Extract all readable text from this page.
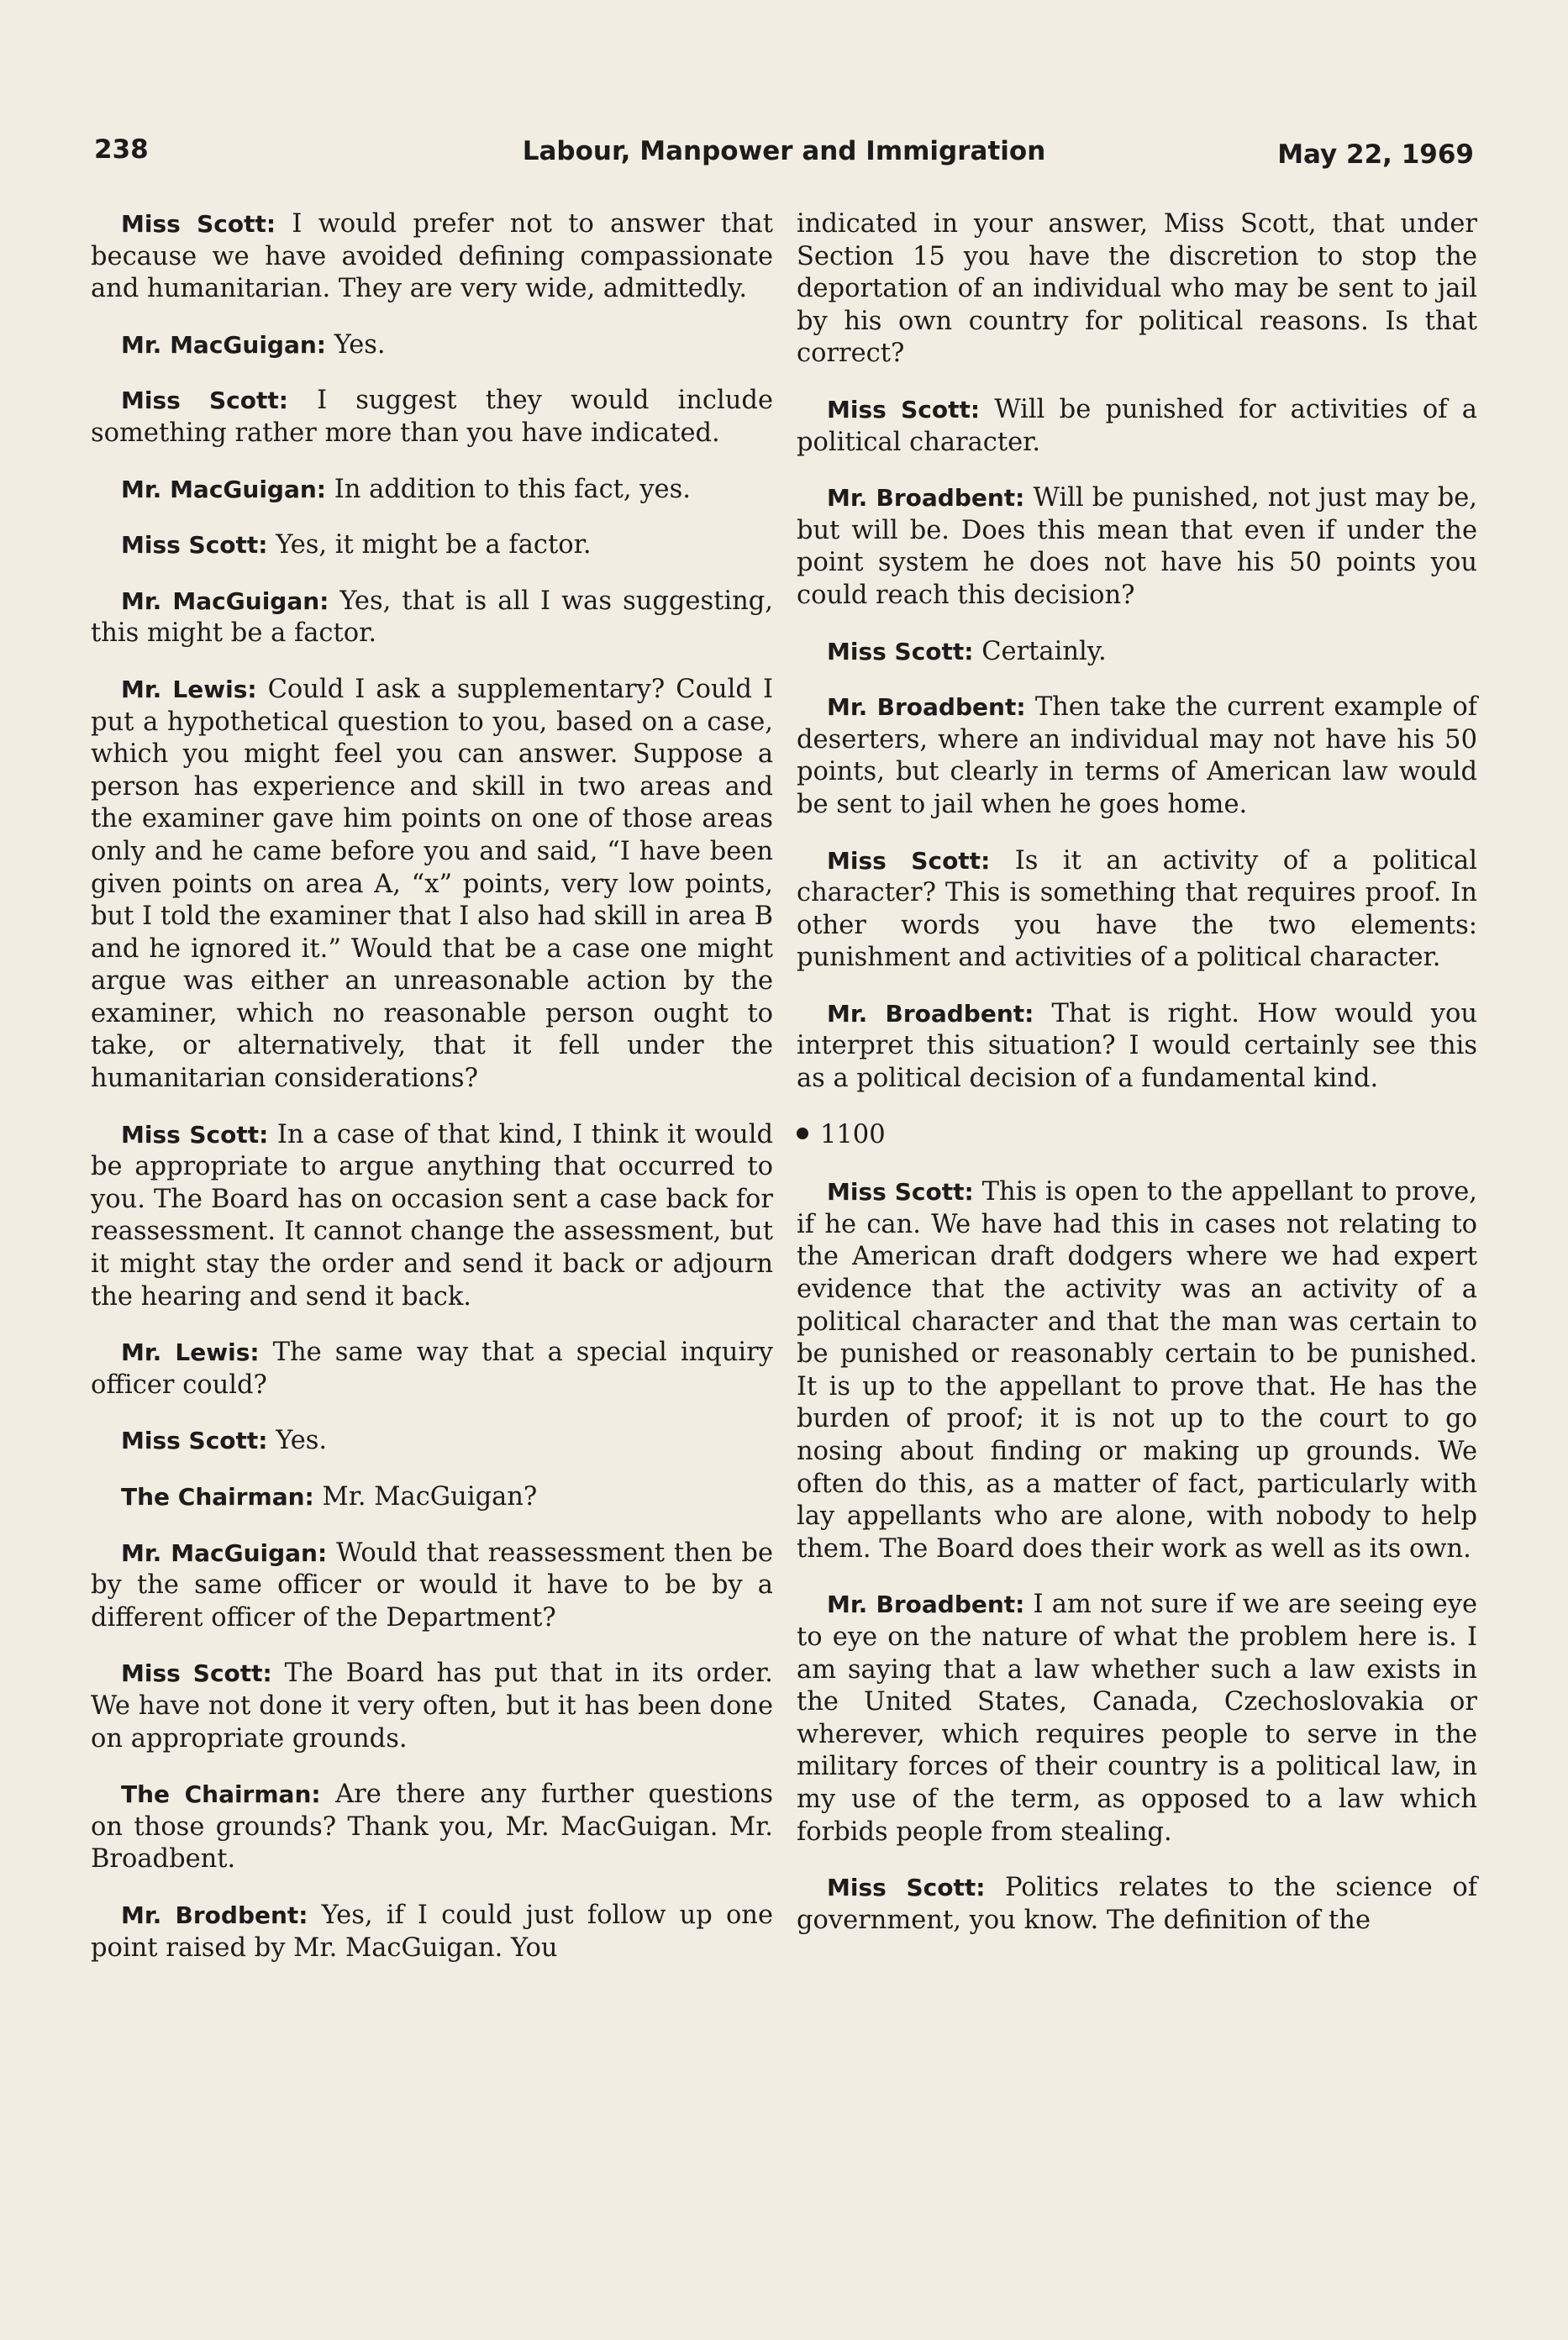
238	Labour, Manpower and Immigration	May 22, 1969

Miss Scott: I would prefer not to answer that because we have avoided defining compassionate and humanitarian. They are very wide, admittedly.

Mr. MacGuigan: Yes.

Miss Scott: I suggest they would include something rather more than you have indicated.

Mr. MacGuigan: In addition to this fact, yes.

Miss Scott: Yes, it might be a factor.

Mr. MacGuigan: Yes, that is all I was suggesting, this might be a factor.

Mr. Lewis: Could I ask a supplementary? Could I put a hypothetical question to you, based on a case, which you might feel you can answer. Suppose a person has experience and skill in two areas and the examiner gave him points on one of those areas only and he came before you and said, “I have been given points on area A, “x” points, very low points, but I told the examiner that I also had skill in area B and he ignored it.” Would that be a case one might argue was either an unreasonable action by the examiner, which no reasonable person ought to take, or alternatively, that it fell under the humanitarian considerations?

Miss Scott: In a case of that kind, I think it would be appropriate to argue anything that occurred to you. The Board has on occasion sent a case back for reassessment. It cannot change the assessment, but it might stay the order and send it back or adjourn the hearing and send it back.

Mr. Lewis: The same way that a special inquiry officer could?

Miss Scott: Yes.

The Chairman: Mr. MacGuigan?

Mr. MacGuigan: Would that reassessment then be by the same officer or would it have to be by a different officer of the Department?

Miss Scott: The Board has put that in its order. We have not done it very often, but it has been done on appropriate grounds.

The Chairman: Are there any further questions on those grounds? Thank you, Mr. MacGuigan. Mr. Broadbent.

Mr. Brodbent: Yes, if I could just follow up one point raised by Mr. MacGuigan. You

indicated in your answer, Miss Scott, that under Section 15 you have the discretion to stop the deportation of an individual who may be sent to jail by his own country for political reasons. Is that correct?

Miss Scott: Will be punished for activities of a political character.

Mr. Broadbent: Will be punished, not just may be, but will be. Does this mean that even if under the point system he does not have his 50 points you could reach this decision?

Miss Scott: Certainly.

Mr. Broadbent: Then take the current example of deserters, where an individual may not have his 50 points, but clearly in terms of American law would be sent to jail when he goes home.

Miss Scott: Is it an activity of a political character? This is something that requires proof. In other words you have the two elements: punishment and activities of a political character.

Mr. Broadbent: That is right. How would you interpret this situation? I would certainly see this as a political decision of a fundamental kind.

1100

Miss Scott: This is open to the appellant to prove, if he can. We have had this in cases not relating to the American draft dodgers where we had expert evidence that the activity was an activity of a political character and that the man was certain to be punished or reasonably certain to be punished. It is up to the appellant to prove that. He has the burden of proof; it is not up to the court to go nosing about finding or making up grounds. We often do this, as a matter of fact, particularly with lay appellants who are alone, with nobody to help them. The Board does their work as well as its own.

Mr. Broadbent: I am not sure if we are seeing eye to eye on the nature of what the problem here is. I am saying that a law whether such a law exists in the United States, Canada, Czechoslovakia or wherever, which requires people to serve in the military forces of their country is a political law, in my use of the term, as opposed to a law which forbids people from stealing.

Miss Scott: Politics relates to the science of government, you know. The definition of the
